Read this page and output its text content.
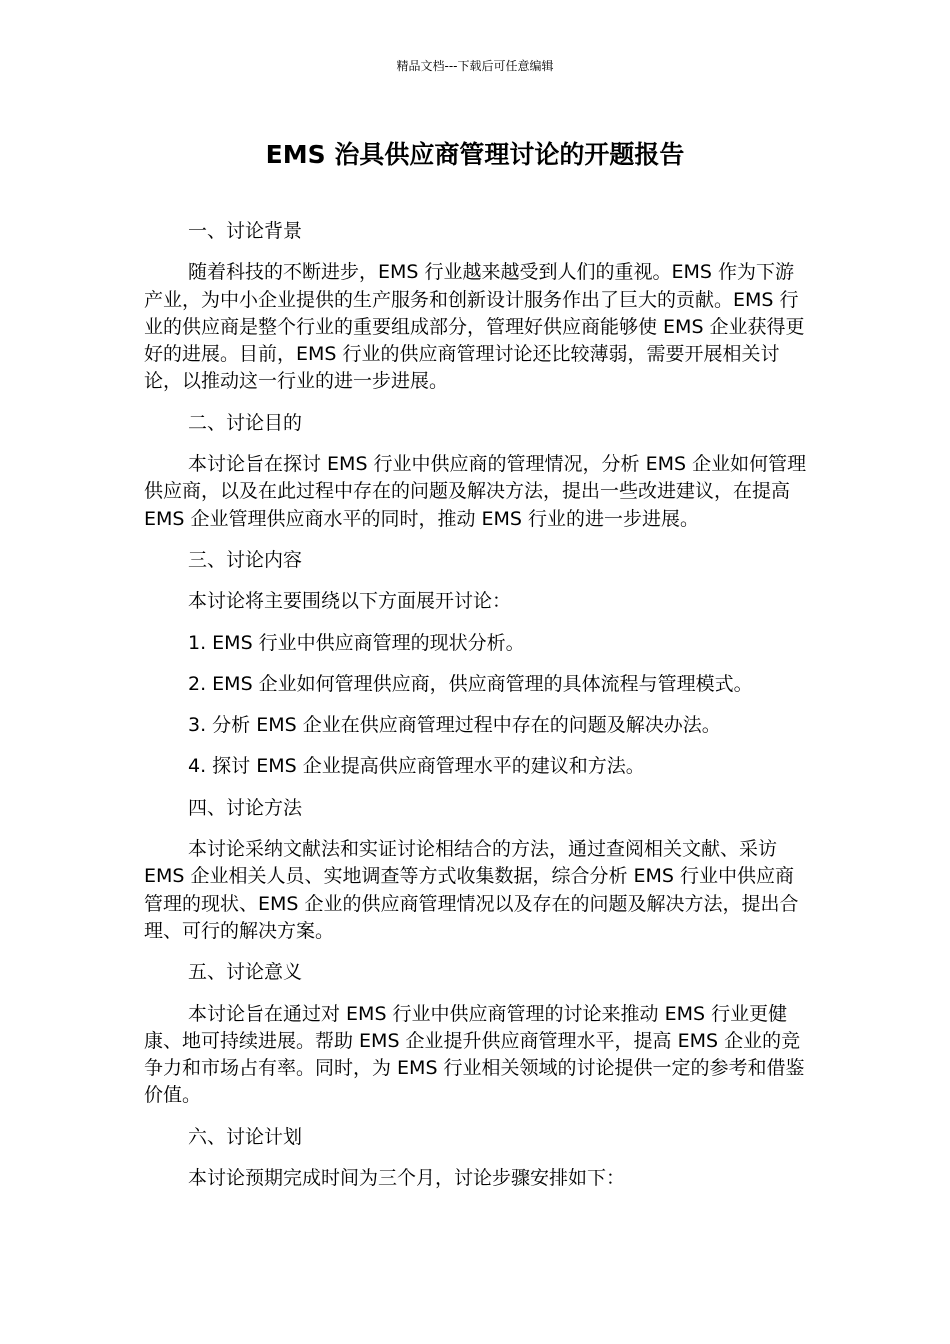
精品文档---下载后可任意编辑
EMS 治具供应商管理讨论的开题报告

一、讨论背景

随着科技的不断进步，EMS 行业越来越受到人们的重视。EMS 作为下游产业，为中小企业提供的生产服务和创新设计服务作出了巨大的贡献。EMS 行业的供应商是整个行业的重要组成部分，管理好供应商能够使 EMS 企业获得更好的进展。目前，EMS 行业的供应商管理讨论还比较薄弱，需要开展相关讨论，以推动这一行业的进一步进展。

二、讨论目的

本讨论旨在探讨 EMS 行业中供应商的管理情况，分析 EMS 企业如何管理供应商，以及在此过程中存在的问题及解决方法，提出一些改进建议，在提高 EMS 企业管理供应商水平的同时，推动 EMS 行业的进一步进展。

三、讨论内容

本讨论将主要围绕以下方面展开讨论：

1. EMS 行业中供应商管理的现状分析。

2. EMS 企业如何管理供应商，供应商管理的具体流程与管理模式。

3. 分析 EMS 企业在供应商管理过程中存在的问题及解决办法。

4. 探讨 EMS 企业提高供应商管理水平的建议和方法。

四、讨论方法

本讨论采纳文献法和实证讨论相结合的方法，通过查阅相关文献、采访 EMS 企业相关人员、实地调查等方式收集数据，综合分析 EMS 行业中供应商管理的现状、EMS 企业的供应商管理情况以及存在的问题及解决方法，提出合理、可行的解决方案。

五、讨论意义

本讨论旨在通过对 EMS 行业中供应商管理的讨论来推动 EMS 行业更健康、地可持续进展。帮助 EMS 企业提升供应商管理水平，提高 EMS 企业的竞争力和市场占有率。同时，为 EMS 行业相关领域的讨论提供一定的参考和借鉴价值。

六、讨论计划

本讨论预期完成时间为三个月，讨论步骤安排如下：
